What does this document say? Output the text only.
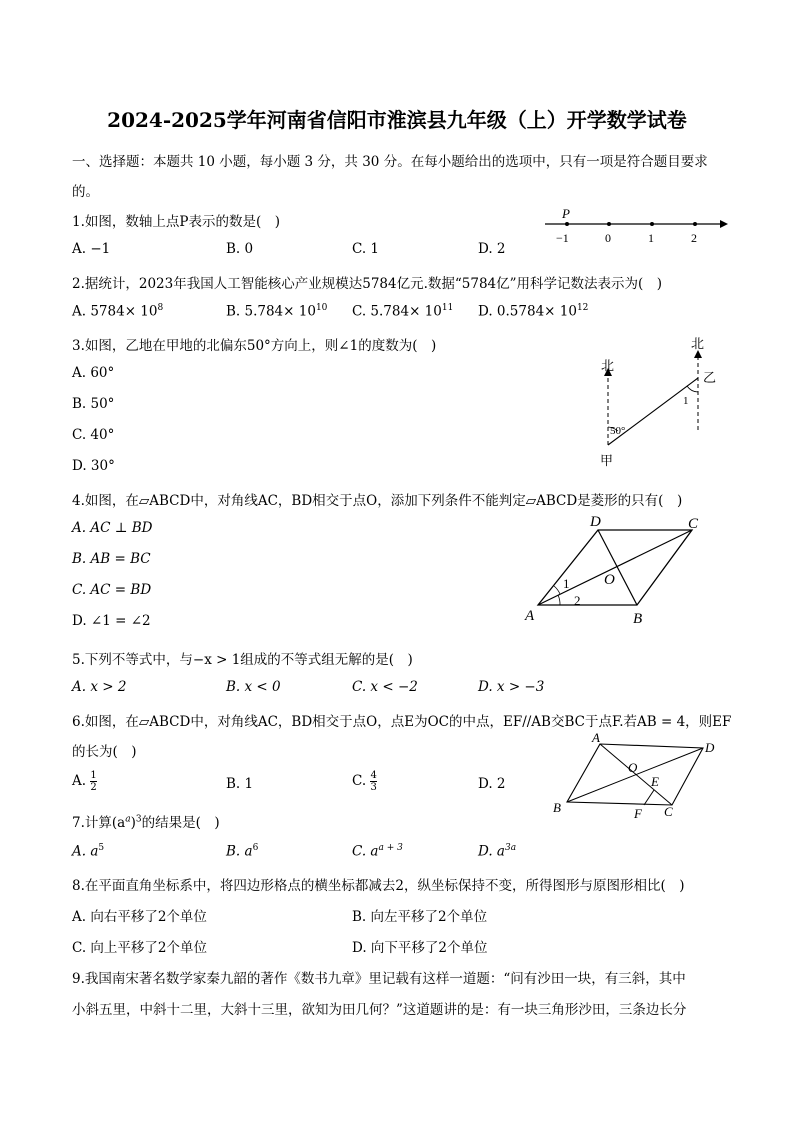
2024-2025学年河南省信阳市淮滨县九年级（上）开学数学试卷
一、选择题：本题共 10 小题，每小题 3 分，共 30 分。在每小题给出的选项中，只有一项是符合题目要求
的。
1.如图，数轴上点P表示的数是(　)
A. −1	B. 0	C. 1	D. 2
P
−1	0	1	2
2.据统计，2023年我国人工智能核心产业规模达5784亿元.数据“5784亿”用科学记数法表示为(　)
A. $5784\times 10^8$	B. $5.784\times 10^{10}$ C. $5.784\times 10^{11}$ D. $0.5784\times 10^{12}$
3.如图，乙地在甲地的北偏东50°方向上，则∠1的度数为(　)
A. 60°
B. 50°
C. 40°
D. 30°
北
北
乙
甲
50°
1
4.如图，在▱ABCD中，对角线AC，BD相交于点O，添加下列条件不能判定▱ABCD是菱形的只有(　)
A. AC ⊥ BD
B. AB = BC
C. AC = BD
D. ∠1 = ∠2	A	B
C
D
O
1
2
5.下列不等式中，与−x > 1组成的不等式组无解的是(　)
A. x > 2	B. x < 0	C. x < −2	D. x > −3
6.如图，在▱ABCD中，对角线AC，BD相交于点O，点E为OC的中点，EF//AB交BC于点F.若AB = 4，则EF
的长为(　)
A. $\frac{1}{2}$	B. 1	C. $\frac{4}{3}$	D. 2
A
B	C
D
O
E
F
7.计算$(a^a)^3$的结果是(　)
A. $a^5$	B. $a^6$	C. $a^{a + 3}$	D. $a^{3a}$
8.在平面直角坐标系中，将四边形格点的横坐标都减去2，纵坐标保持不变，所得图形与原图形相比(　)
A. 向右平移了2个单位	B. 向左平移了2个单位
C. 向上平移了2个单位	D. 向下平移了2个单位
9.我国南宋著名数学家秦九韶的著作《数书九章》里记载有这样一道题：“问有沙田一块，有三斜，其中
小斜五里，中斜十二里，大斜十三里，欲知为田几何？”这道题讲的是：有一块三角形沙田，三条边长分
